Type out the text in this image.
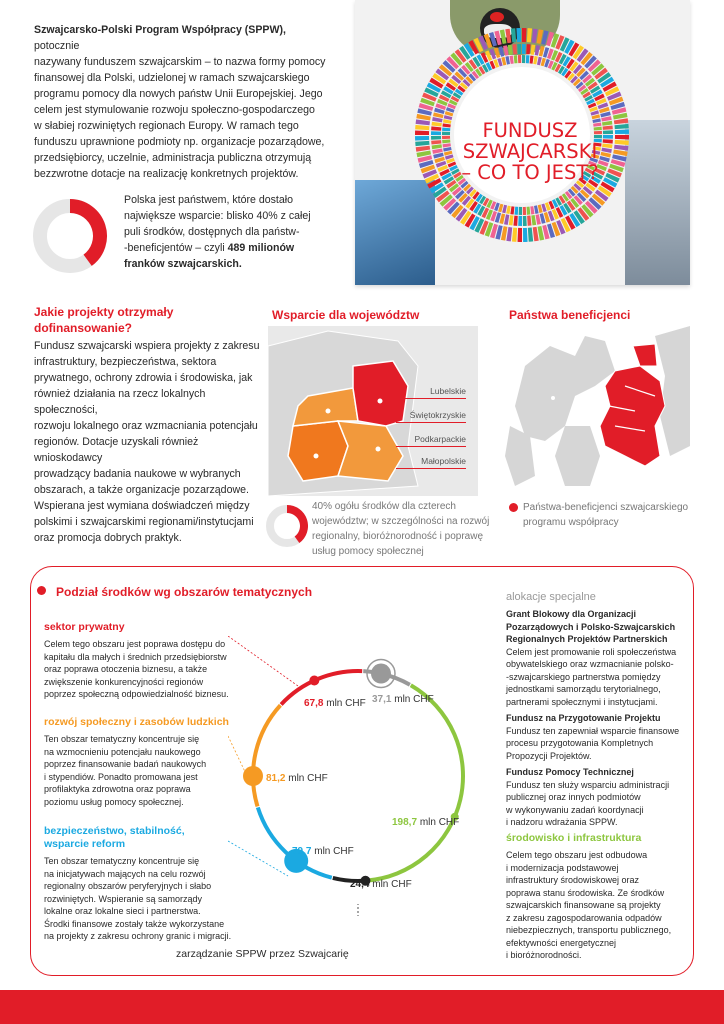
Szwajcarsko-Polski Program Współpracy (SPPW), potocznie

nazywany funduszem szwajcarskim – to nazwa formy pomocy

finansowej dla Polski, udzielonej w ramach szwajcarskiego

programu pomocy dla nowych państw Unii Europejskiej. Jego

celem jest stymulowanie rozwoju społeczno-gospodarczego

w słabiej rozwiniętych regionach Europy. W ramach tego

funduszu uprawnione podmioty np. organizacje pozarządowe,

przedsiębiorcy, uczelnie, administracja publiczna otrzymują

bezzwrotne dotacje na realizację konkretnych projektów.

Polska jest państwem, które dostało

największe wsparcie: blisko 40% z całej

puli środków, dostępnych dla państw-

-beneficjentów – czyli 489 milionów

franków szwajcarskich.

FUNDUSZ
SZWAJCARSKI
– CO TO JEST?

Jakie projekty otrzymały

dofinansowanie?

Fundusz szwajcarski wspiera projekty z zakresu

infrastruktury, bezpieczeństwa, sektora

prywatnego, ochrony zdrowia i środowiska, jak

również działania na rzecz lokalnych społeczności,

rozwoju lokalnego oraz wzmacniania potencjału

regionów. Dotacje uzyskali również wnioskodawcy

prowadzący badania naukowe w wybranych

obszarach, a także organizacje pozarządowe.

Wspierana jest wymiana doświadczeń między

polskimi i szwajcarskimi regionami/instytucjami

oraz promocja dobrych praktyk.

Wsparcie dla województw

Lubelskie
Świętokrzyskie
Podkarpackie
Małopolskie

40% ogółu środków dla czterech

województw; w szczególności na rozwój

regionalny, bioróżnorodność i poprawę

usług pomocy społecznej

Państwa beneficjenci

Państwa-beneficjenci szwajcarskiego

programu współpracy

Podział środków wg obszarów tematycznych

sektor prywatny

Celem tego obszaru jest poprawa dostępu do

kapitału dla małych i średnich przedsiębiorstw

oraz poprawa otoczenia biznesu, a także

zwiększenie konkurencyjności regionów

poprzez społeczną odpowiedzialność biznesu.

rozwój społeczny i zasobów ludzkich

Ten obszar tematyczny koncentruje się

na wzmocnieniu potencjału naukowego

poprzez finansowanie badań naukowych

i stypendiów. Ponadto promowana jest

profilaktyka zdrowotna oraz poprawa

poziomu usług pomocy społecznej.

bezpieczeństwo, stabilność,

wsparcie reform

Ten obszar tematyczny koncentruje się

na inicjatywach mających na celu rozwój

regionalny obszarów peryferyjnych i słabo

rozwiniętych. Wspieranie są samorządy

lokalne oraz lokalne sieci i partnerstwa.

Środki finansowe zostały także wykorzystane

na projekty z zakresu ochrony granic i migracji.

67,8 mln CHF 37,1 mln CHF
81,2 mln CHF
198,7 mln CHF
79,7 mln CHF
24,4 mln CHF

zarządzanie SPPW przez Szwajcarię

alokacje specjalne

Grant Blokowy dla Organizacji

Pozarządowych i Polsko-Szwajcarskich

Regionalnych Projektów Partnerskich

Celem jest promowanie roli społeczeństwa

obywatelskiego oraz wzmacnianie polsko-

-szwajcarskiego partnerstwa pomiędzy

jednostkami samorządu terytorialnego,

partnerami społecznymi i instytucjami.

Fundusz na Przygotowanie Projektu

Fundusz ten zapewniał wsparcie finansowe

procesu przygotowania Kompletnych

Propozycji Projektów.

Fundusz Pomocy Technicznej

Fundusz ten służy wsparciu administracji

publicznej oraz innych podmiotów

w wykonywaniu zadań koordynacji

i nadzoru wdrażania SPPW.

środowisko i infrastruktura

Celem tego obszaru jest odbudowa

i modernizacja podstawowej

infrastruktury środowiskowej oraz

poprawa stanu środowiska. Ze środków

szwajcarskich finansowane są projekty

z zakresu zagospodarowania odpadów

niebezpiecznych, transportu publicznego,

efektywności energetycznej

i bioróżnorodności.
